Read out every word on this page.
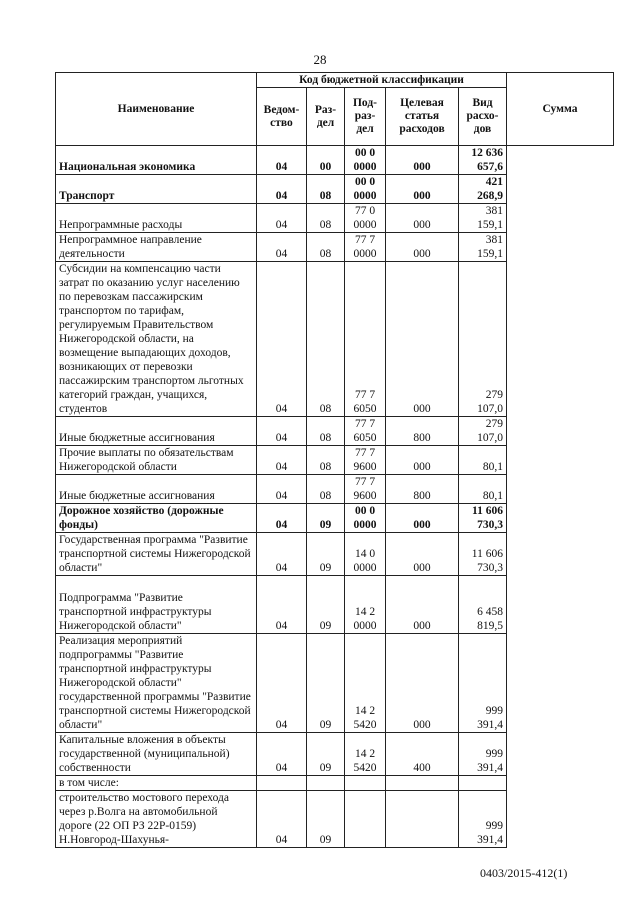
28
Наименование	Код бюджетной классификации					Сумма
	Ведом-ство	Раз-дел	Под-раз-дел	Целевая статья расходов	Вид расхо-дов	
Национальная экономика	04	00	00 0 0000	000	12 636 657,6	
Транспорт	04	08	00 0 0000	000	421 268,9	
Непрограммные расходы	04	08	77 0 0000	000	381 159,1	
Непрограммное направление деятельности	04	08	77 7 0000	000	381 159,1	
Субсидии на компенсацию части затрат по оказанию услуг населению по перевозкам пассажирским транспортом по тарифам, регулируемым Правительством Нижегородской области, на возмещение выпадающих доходов, возникающих от перевозки пассажирским транспортом льготных категорий граждан, учащихся, студентов	04	08	77 7 6050	000	279 107,0	
Иные бюджетные ассигнования	04	08	77 7 6050	800	279 107,0	
Прочие выплаты по обязательствам Нижегородской области	04	08	77 7 9600	000	80,1	
Иные бюджетные ассигнования	04	08	77 7 9600	800	80,1	
Дорожное хозяйство (дорожные фонды)	04	09	00 0 0000	000	11 606 730,3	
Государственная программа "Развитие транспортной системы Нижегородской области"	04	09	14 0 0000	000	11 606 730,3	
Подпрограмма "Развитие транспортной инфраструктуры Нижегородской области"	04	09	14 2 0000	000	6 458 819,5	
Реализация мероприятий подпрограммы "Развитие транспортной инфраструктуры Нижегородской области" государственной программы "Развитие транспортной системы Нижегородской области"	04	09	14 2 5420	000	999 391,4	
Капитальные вложения в объекты государственной (муниципальной) собственности	04	09	14 2 5420	400	999 391,4	
в том числе:						
строительство мостового перехода через р.Волга на автомобильной дороге (22 ОП РЗ 22Р-0159) Н.Новгород-Шахунья-	04	09			999 391,4	
0403/2015-412(1)
